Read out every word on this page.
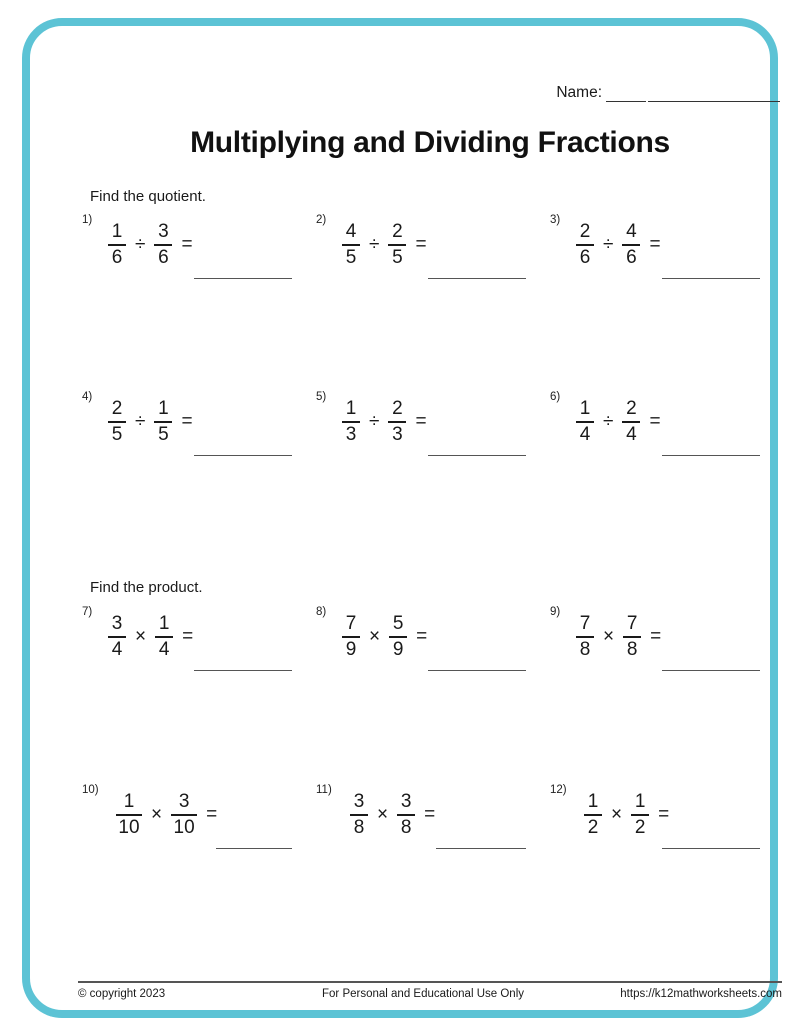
Name:
Multiplying and Dividing Fractions
Find the quotient.
1)
$\frac{1}{6} \div \frac{3}{6}$ =
2)
$\frac{4}{5} \div \frac{2}{5}$ =
3)
$\frac{2}{6} \div \frac{4}{6}$ =
4)
$\frac{2}{5} \div \frac{1}{5}$ =
5)
$\frac{1}{3} \div \frac{2}{3}$ =
6)
$\frac{1}{4} \div \frac{2}{4}$ =
Find the product.
7)
$\frac{3}{4} \times \frac{1}{4}$ =
8)
$\frac{7}{9} \times \frac{5}{9}$ =
9)
$\frac{7}{8} \times \frac{7}{8}$ =
10)
$\frac{1}{10} \times \frac{3}{10}$ =
11)
$\frac{3}{8} \times \frac{3}{8}$ =
12)
$\frac{1}{2} \times \frac{1}{2}$ =
© copyright 2023	For Personal and Educational Use Only	https://k12mathworksheets.com
